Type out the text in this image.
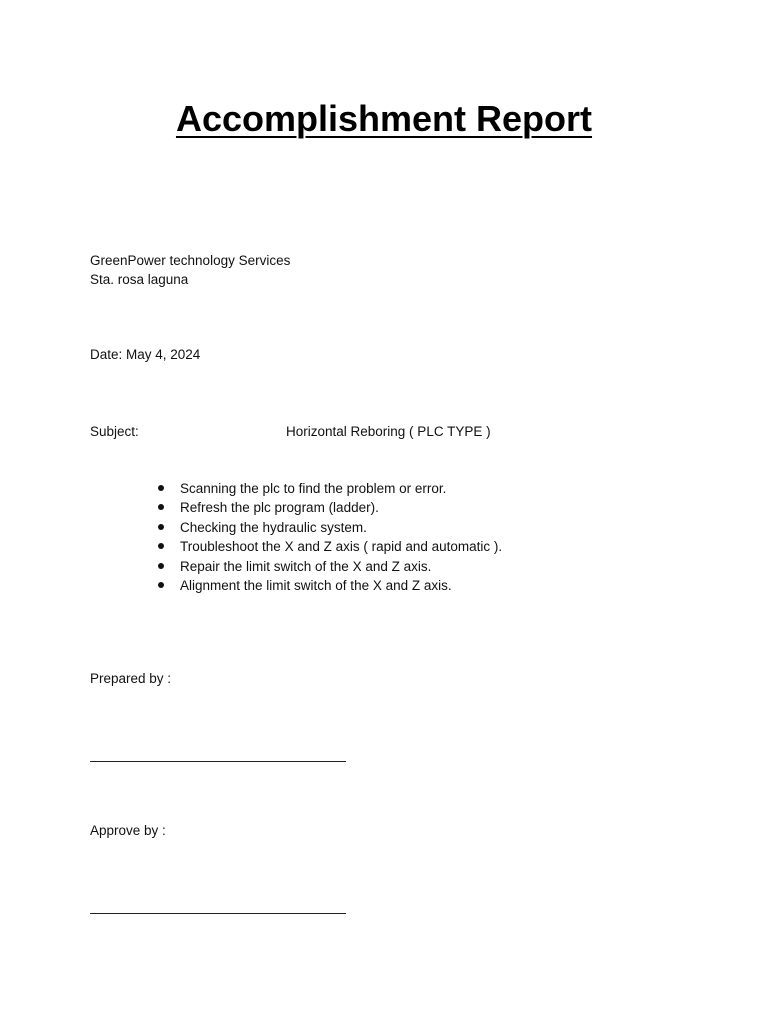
Accomplishment Report
GreenPower technology Services
Sta. rosa laguna
Date: May 4, 2024
Subject:	Horizontal Reboring ( PLC TYPE )
Scanning the plc to find the problem or error.
Refresh the plc program (ladder).
Checking the hydraulic system.
Troubleshoot the X and Z axis ( rapid and automatic ).
Repair the limit switch of the X and Z axis.
Alignment the limit switch of the X and Z axis.
Prepared by :
Approve by :
